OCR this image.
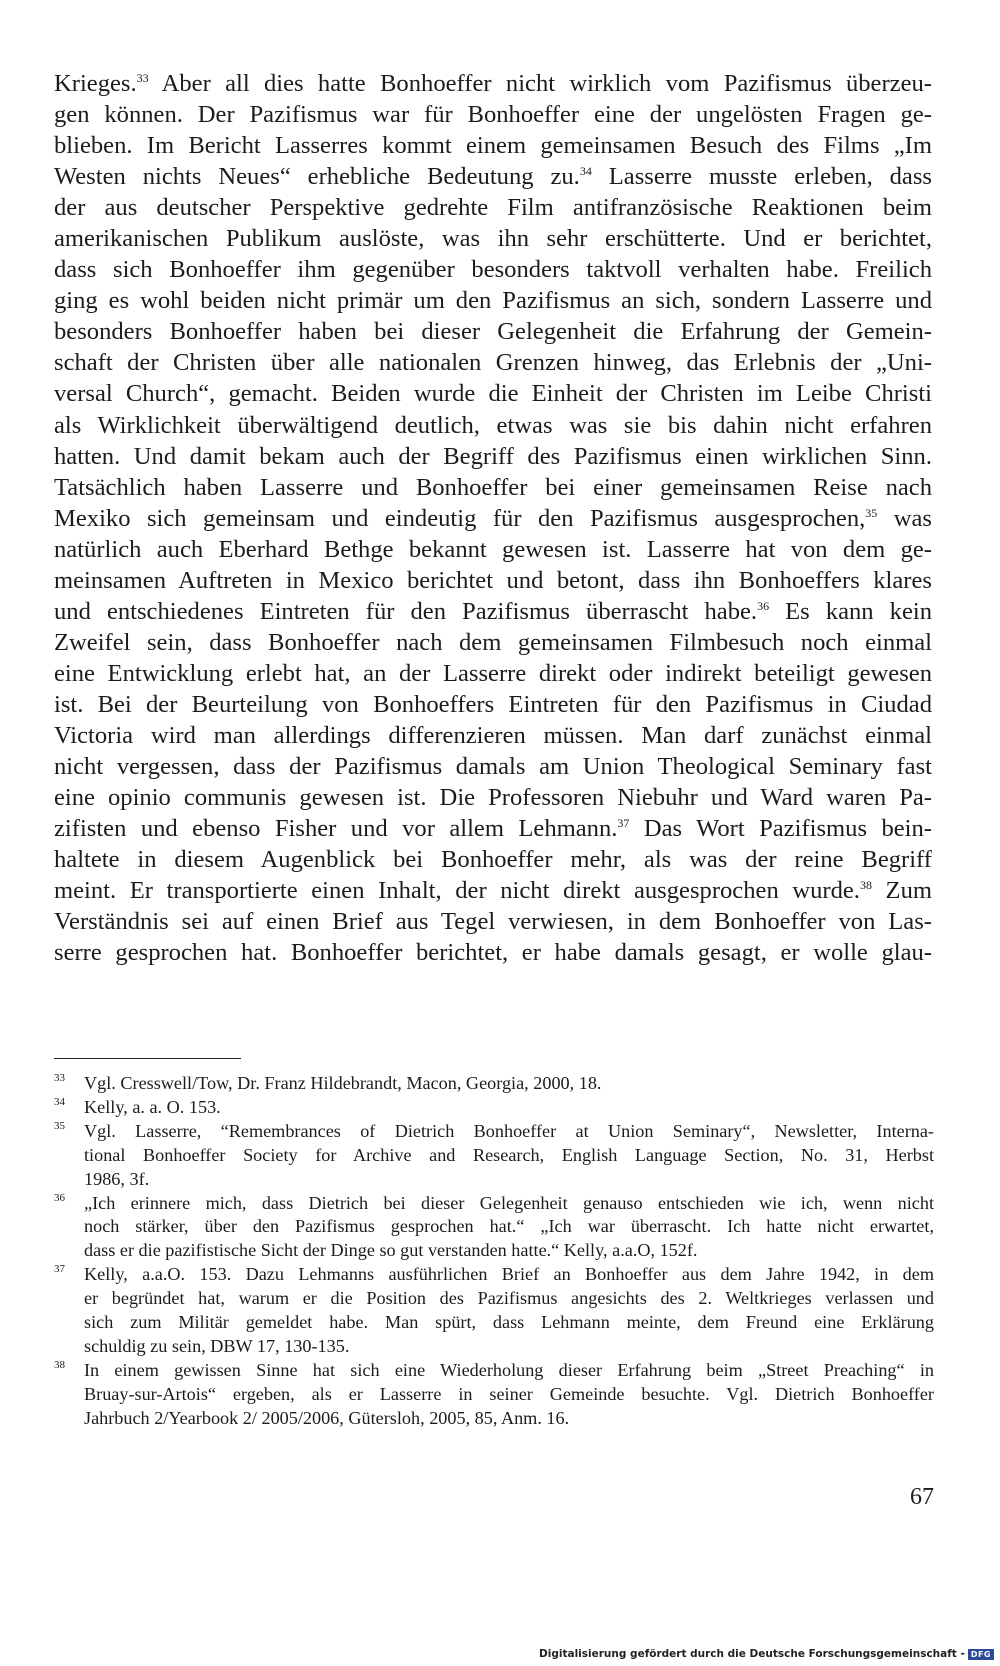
Krieges.$^{33}$ Aber all dies hatte Bonhoeffer nicht wirklich vom Pazifismus überzeu-
gen können. Der Pazifismus war für Bonhoeffer eine der ungelösten Fragen ge-
blieben. Im Bericht Lasserres kommt einem gemeinsamen Besuch des Films „Im
Westen nichts Neues“ erhebliche Bedeutung zu.$^{34}$ Lasserre musste erleben, dass
der aus deutscher Perspektive gedrehte Film antifranzösische Reaktionen beim
amerikanischen Publikum auslöste, was ihn sehr erschütterte. Und er berichtet,
dass sich Bonhoeffer ihm gegenüber besonders taktvoll verhalten habe. Freilich
ging es wohl beiden nicht primär um den Pazifismus an sich, sondern Lasserre und
besonders Bonhoeffer haben bei dieser Gelegenheit die Erfahrung der Gemein-
schaft der Christen über alle nationalen Grenzen hinweg, das Erlebnis der „Uni-
versal Church“, gemacht. Beiden wurde die Einheit der Christen im Leibe Christi
als Wirklichkeit überwältigend deutlich, etwas was sie bis dahin nicht erfahren
hatten. Und damit bekam auch der Begriff des Pazifismus einen wirklichen Sinn.
Tatsächlich haben Lasserre und Bonhoeffer bei einer gemeinsamen Reise nach
Mexiko sich gemeinsam und eindeutig für den Pazifismus ausgesprochen,$^{35}$ was
natürlich auch Eberhard Bethge bekannt gewesen ist. Lasserre hat von dem ge-
meinsamen Auftreten in Mexico berichtet und betont, dass ihn Bonhoeffers klares
und entschiedenes Eintreten für den Pazifismus überrascht habe.$^{36}$ Es kann kein
Zweifel sein, dass Bonhoeffer nach dem gemeinsamen Filmbesuch noch einmal
eine Entwicklung erlebt hat, an der Lasserre direkt oder indirekt beteiligt gewesen
ist. Bei der Beurteilung von Bonhoeffers Eintreten für den Pazifismus in Ciudad
Victoria wird man allerdings differenzieren müssen. Man darf zunächst einmal
nicht vergessen, dass der Pazifismus damals am Union Theological Seminary fast
eine opinio communis gewesen ist. Die Professoren Niebuhr und Ward waren Pa-
zifisten und ebenso Fisher und vor allem Lehmann.$^{37}$ Das Wort Pazifismus bein-
haltete in diesem Augenblick bei Bonhoeffer mehr, als was der reine Begriff
meint. Er transportierte einen Inhalt, der nicht direkt ausgesprochen wurde.$^{38}$ Zum
Verständnis sei auf einen Brief aus Tegel verwiesen, in dem Bonhoeffer von Las-
serre gesprochen hat. Bonhoeffer berichtet, er habe damals gesagt, er wolle glau-
33 Vgl. Cresswell/Tow, Dr. Franz Hildebrandt, Macon, Georgia, 2000, 18.
34 Kelly, a. a. O. 153.
35 Vgl. Lasserre, “Remembrances of Dietrich Bonhoeffer at Union Seminary“, Newsletter, Interna-
tional Bonhoeffer Society for Archive and Research, English Language Section, No. 31, Herbst
1986, 3f.
36 „Ich erinnere mich, dass Dietrich bei dieser Gelegenheit genauso entschieden wie ich, wenn nicht
noch stärker, über den Pazifismus gesprochen hat.“ „Ich war überrascht. Ich hatte nicht erwartet,
dass er die pazifistische Sicht der Dinge so gut verstanden hatte.“ Kelly, a.a.O, 152f.
37 Kelly, a.a.O. 153. Dazu Lehmanns ausführlichen Brief an Bonhoeffer aus dem Jahre 1942, in dem
er begründet hat, warum er die Position des Pazifismus angesichts des 2. Weltkrieges verlassen und
sich zum Militär gemeldet habe. Man spürt, dass Lehmann meinte, dem Freund eine Erklärung
schuldig zu sein, DBW 17, 130-135.
38 In einem gewissen Sinne hat sich eine Wiederholung dieser Erfahrung beim „Street Preaching“ in
Bruay-sur-Artois“ ergeben, als er Lasserre in seiner Gemeinde besuchte. Vgl. Dietrich Bonhoeffer
Jahrbuch 2/Yearbook 2/ 2005/2006, Gütersloh, 2005, 85, Anm. 16.
67
Digitalisierung gefördert durch die Deutsche Forschungsgemeinschaft - DFG
